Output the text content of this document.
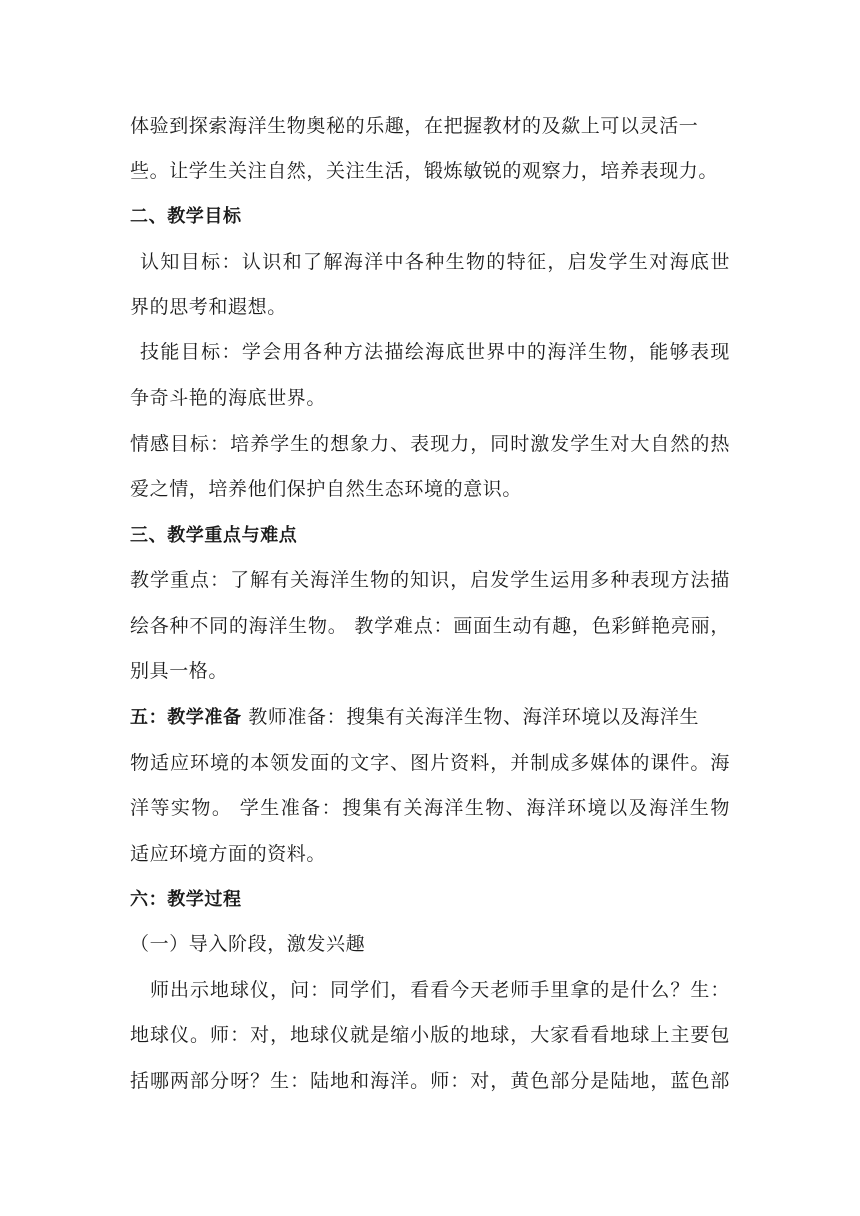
体验到探索海洋生物奥秘的乐趣，在把握教材的及歘上可以灵活一
些。让学生关注自然，关注生活，锻炼敏锐的观察力，培养表现力。
二、教学目标
认知目标：认识和了解海洋中各种生物的特征，启发学生对海底世
界的思考和遐想。
技能目标：学会用各种方法描绘海底世界中的海洋生物，能够表现
争奇斗艳的海底世界。
情感目标：培养学生的想象力、表现力，同时激发学生对大自然的热
爱之情，培养他们保护自然生态环境的意识。
三、教学重点与难点
教学重点：了解有关海洋生物的知识，启发学生运用多种表现方法描
绘各种不同的海洋生物。 教学难点：画面生动有趣，色彩鲜艳亮丽，
别具一格。
五：教学准备 教师准备：搜集有关海洋生物、海洋环境以及海洋生
物适应环境的本领发面的文字、图片资料，并制成多媒体的课件。海
洋等实物。 学生准备：搜集有关海洋生物、海洋环境以及海洋生物
适应环境方面的资料。
六：教学过程
（一）导入阶段，激发兴趣
师出示地球仪，问：同学们，看看今天老师手里拿的是什么？生：
地球仪。师：对，地球仪就是缩小版的地球，大家看看地球上主要包
括哪两部分呀？生：陆地和海洋。师：对，黄色部分是陆地，蓝色部
